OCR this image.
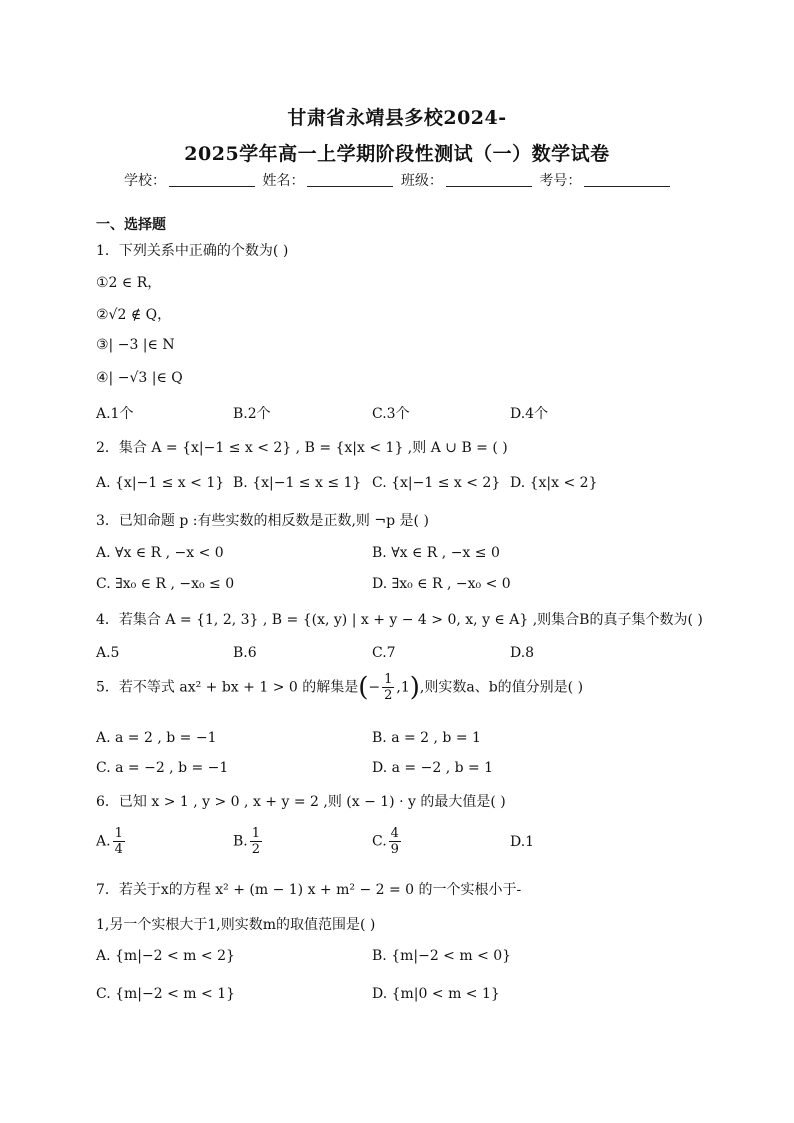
甘肃省永靖县多校2024-
2025学年高一上学期阶段性测试（一）数学试卷
学校：	姓名：	班级：	考号：
一、选择题
1．下列关系中正确的个数为( )
①2 ∈ R，
②√2 ∉ Q，
③| −3 |∈ N
④| −√3 |∈ Q
A.1个	B.2个	C.3个	D.4个
2．集合 A = {x|−1 ≤ x < 2} , B = {x|x < 1} ,则 A ∪ B = ( )
A. {x|−1 ≤ x < 1} B. {x|−1 ≤ x ≤ 1} C. {x|−1 ≤ x < 2} D. {x|x < 2}
3．已知命题 p :有些实数的相反数是正数,则 ¬p 是( )
A. ∀x ∈ R , −x < 0	B. ∀x ∈ R , −x ≤ 0
C. ∃x₀ ∈ R , −x₀ ≤ 0	D. ∃x₀ ∈ R , −x₀ < 0
4．若集合 A = {1, 2, 3} , B = {(x, y) | x + y − 4 > 0, x, y ∈ A} ,则集合B的真子集个数为( )
A.5	B.6	C.7	D.8
5．若不等式 ax² + bx + 1 > 0 的解集是(− $\frac{1}{2} ,1$),则实数a、b的值分别是( )
A. a = 2 , b = −1	B. a = 2 , b = 1
C. a = −2 , b = −1	D. a = −2 , b = 1
6．已知 x > 1 , y > 0 , x + y = 2 ,则 (x − 1) · y 的最大值是( )
A. $\frac{1}{4}$	B. $\frac{1}{2}$	C. $\frac{4}{9}$	D.1
7．若关于x的方程 x² + (m − 1) x + m² − 2 = 0 的一个实根小于-
1,另一个实根大于1,则实数m的取值范围是( )
A. {m|−2 < m < 2}	B. {m|−2 < m < 0}
C. {m|−2 < m < 1}	D. {m|0 < m < 1}
